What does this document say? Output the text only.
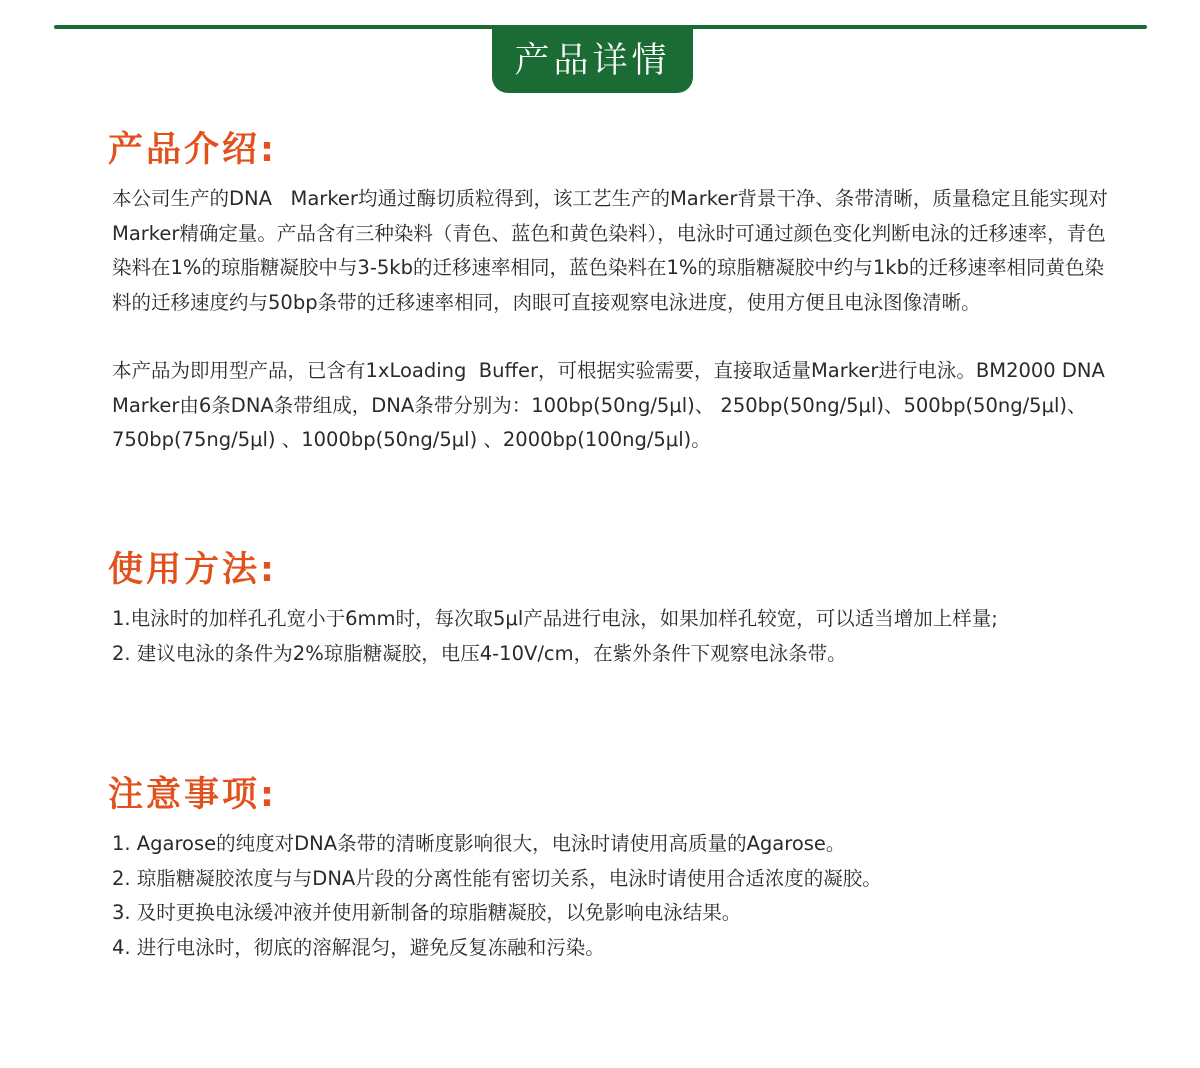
产品详情
产品介绍:

本公司生产的DNA   Marker均通过酶切质粒得到，该工艺生产的Marker背景干净、条带清晰，质量稳定且能实现对Marker精确定量。产品含有三种染料（青色、蓝色和黄色染料），电泳时可通过颜色变化判断电泳的迁移速率，青色染料在1%的琼脂糖凝胶中与3-5kb的迁移速率相同，蓝色染料在1%的琼脂糖凝胶中约与1kb的迁移速率相同黄色染料的迁移速度约与50bp条带的迁移速率相同，肉眼可直接观察电泳进度，使用方便且电泳图像清晰。

本产品为即用型产品，已含有1xLoading  Buffer，可根据实验需要，直接取适量Marker进行电泳。BM2000 DNA Marker由6条DNA条带组成，DNA条带分别为：100bp(50ng/5μl)、 250bp(50ng/5μl)、500bp(50ng/5μl)、 750bp(75ng/5μl) 、1000bp(50ng/5μl) 、2000bp(100ng/5μl)。

使用方法:
1.电泳时的加样孔孔宽小于6mm时，每次取5μl产品进行电泳，如果加样孔较宽，可以适当增加上样量;
2. 建议电泳的条件为2%琼脂糖凝胶，电压4-10V/cm，在紫外条件下观察电泳条带。
注意事项:
1. Agarose的纯度对DNA条带的清晰度影响很大，电泳时请使用高质量的Agarose。
2. 琼脂糖凝胶浓度与与DNA片段的分离性能有密切关系，电泳时请使用合适浓度的凝胶。
3. 及时更换电泳缓冲液并使用新制备的琼脂糖凝胶，以免影响电泳结果。
4. 进行电泳时，彻底的溶解混匀，避免反复冻融和污染。
